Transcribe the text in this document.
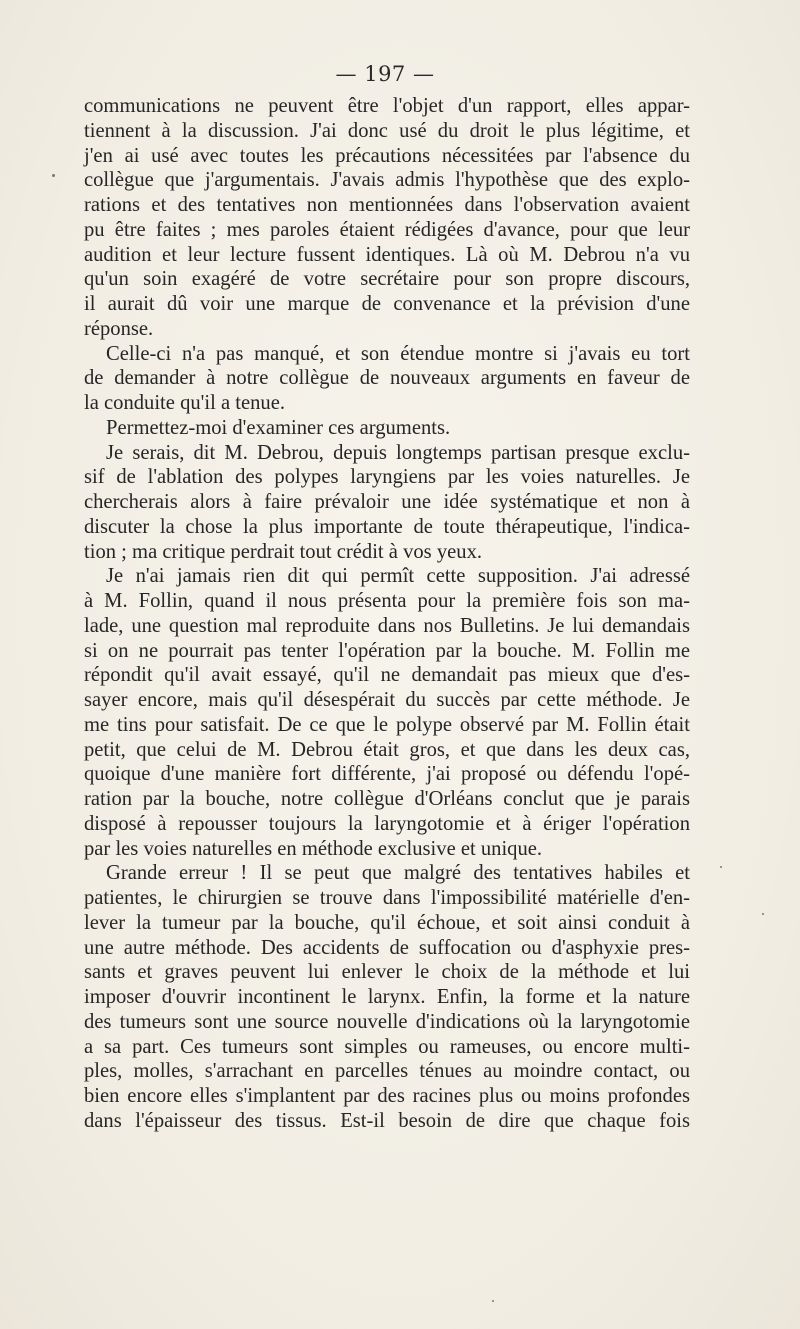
— 197 —
communications ne peuvent être l'objet d'un rapport, elles appar-
tiennent à la discussion. J'ai donc usé du droit le plus légitime, et
j'en ai usé avec toutes les précautions nécessitées par l'absence du
collègue que j'argumentais. J'avais admis l'hypothèse que des explo-
rations et des tentatives non mentionnées dans l'observation avaient
pu être faites ; mes paroles étaient rédigées d'avance, pour que leur
audition et leur lecture fussent identiques. Là où M. Debrou n'a vu
qu'un soin exagéré de votre secrétaire pour son propre discours,
il aurait dû voir une marque de convenance et la prévision d'une
réponse.
Celle-ci n'a pas manqué, et son étendue montre si j'avais eu tort
de demander à notre collègue de nouveaux arguments en faveur de
la conduite qu'il a tenue.
Permettez-moi d'examiner ces arguments.
Je serais, dit M. Debrou, depuis longtemps partisan presque exclu-
sif de l'ablation des polypes laryngiens par les voies naturelles. Je
chercherais alors à faire prévaloir une idée systématique et non à
discuter la chose la plus importante de toute thérapeutique, l'indica-
tion ; ma critique perdrait tout crédit à vos yeux.
Je n'ai jamais rien dit qui permît cette supposition. J'ai adressé
à M. Follin, quand il nous présenta pour la première fois son ma-
lade, une question mal reproduite dans nos Bulletins. Je lui demandais
si on ne pourrait pas tenter l'opération par la bouche. M. Follin me
répondit qu'il avait essayé, qu'il ne demandait pas mieux que d'es-
sayer encore, mais qu'il désespérait du succès par cette méthode. Je
me tins pour satisfait. De ce que le polype observé par M. Follin était
petit, que celui de M. Debrou était gros, et que dans les deux cas,
quoique d'une manière fort différente, j'ai proposé ou défendu l'opé-
ration par la bouche, notre collègue d'Orléans conclut que je parais
disposé à repousser toujours la laryngotomie et à ériger l'opération
par les voies naturelles en méthode exclusive et unique.
Grande erreur ! Il se peut que malgré des tentatives habiles et
patientes, le chirurgien se trouve dans l'impossibilité matérielle d'en-
lever la tumeur par la bouche, qu'il échoue, et soit ainsi conduit à
une autre méthode. Des accidents de suffocation ou d'asphyxie pres-
sants et graves peuvent lui enlever le choix de la méthode et lui
imposer d'ouvrir incontinent le larynx. Enfin, la forme et la nature
des tumeurs sont une source nouvelle d'indications où la laryngotomie
a sa part. Ces tumeurs sont simples ou rameuses, ou encore multi-
ples, molles, s'arrachant en parcelles ténues au moindre contact, ou
bien encore elles s'implantent par des racines plus ou moins profondes
dans l'épaisseur des tissus. Est-il besoin de dire que chaque fois
